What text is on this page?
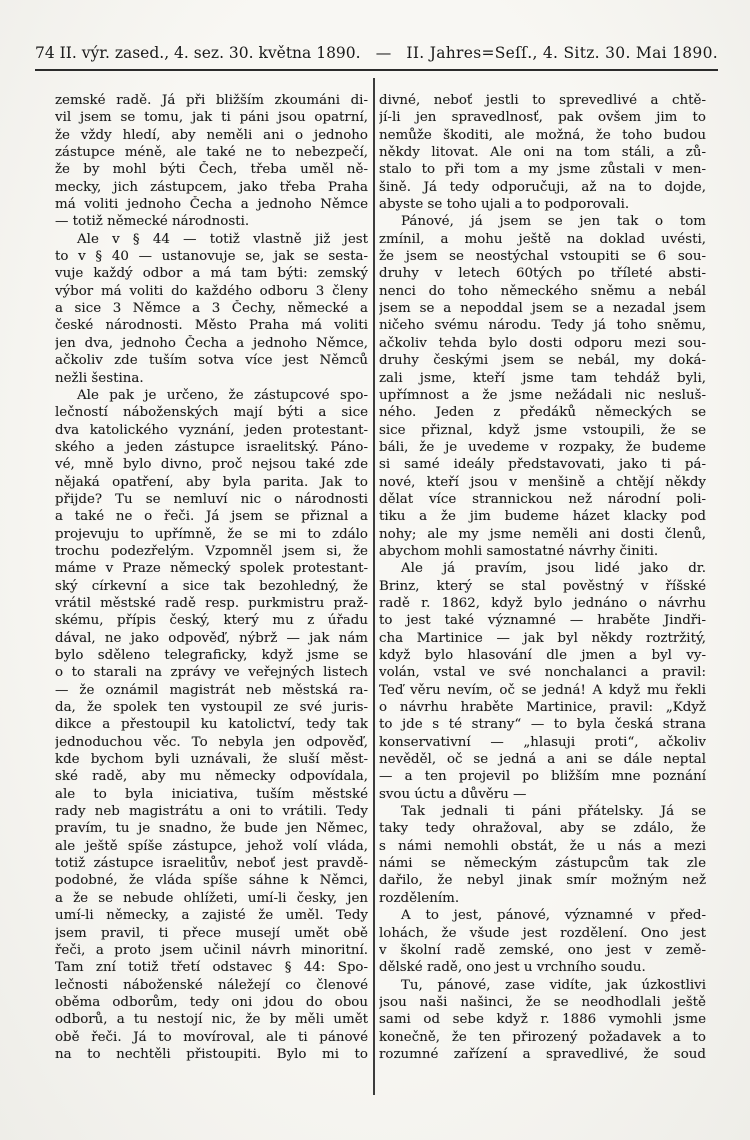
74 II. výr. zased., 4. sez. 30. května 1890. — II. Jahres=Seſſ., 4. Sitz. 30. Mai 1890.
zemské radě. Já při bližším zkoumáni di-
vil jsem se tomu, jak ti páni jsou opatrní,
že vždy hledí, aby neměli ani o jednoho
zástupce méně, ale také ne to nebezpečí,
že by mohl býti Čech, třeba uměl ně-
mecky, jich zástupcem, jako třeba Praha
má voliti jednoho Čecha a jednoho Němce
— totiž německé národnosti.
Ale v § 44 — totiž vlastně již jest
to v § 40 — ustanovuje se, jak se sesta-
vuje každý odbor a má tam býti: zemský
výbor má voliti do každého odboru 3 členy
a sice 3 Němce a 3 Čechy, německé a
české národnosti. Město Praha má voliti
jen dva, jednoho Čecha a jednoho Němce,
ačkoliv zde tuším sotva více jest Němců
nežli šestina.
Ale pak je určeno, že zástupcové spo-
lečností náboženských mají býti a sice
dva katolického vyznání, jeden protestant-
ského a jeden zástupce israelitský. Páno-
vé, mně bylo divno, proč nejsou také zde
nějaká opatření, aby byla parita. Jak to
přijde? Tu se nemluví nic o národnosti
a také ne o řeči. Já jsem se přiznal a
projevuju to upřímně, že se mi to zdálo
trochu podezřelým. Vzpomněl jsem si, že
máme v Praze německý spolek protestant-
ský církevní a sice tak bezohledný, že
vrátil městské radě resp. purkmistru praž-
skému, přípis český, který mu z úřadu
dával, ne jako odpověď, nýbrž — jak nám
bylo sděleno telegraficky, když jsme se
o to starali na zprávy ve veřejných listech
— že oznámil magistrát neb městská ra-
da, že spolek ten vystoupil ze své juris-
dikce a přestoupil ku katolictví, tedy tak
jednoduchou věc. To nebyla jen odpověď,
kde bychom byli uznávali, že sluší měst-
ské radě, aby mu německy odpovídala,
ale to byla iniciativa, tuším městské
rady neb magistrátu a oni to vrátili. Tedy
pravím, tu je snadno, že bude jen Němec,
ale ještě spíše zástupce, jehož volí vláda,
totiž zástupce israelitův, neboť jest pravdě-
podobné, že vláda spíše sáhne k Němci,
a že se nebude ohlížeti, umí-li česky, jen
umí-li německy, a zajisté že uměl. Tedy
jsem pravil, ti přece musejí umět obě
řeči, a proto jsem učinil návrh minoritní.
Tam zní totiž třetí odstavec § 44: Spo-
lečnosti náboženské náležejí co členové
oběma odborům, tedy oni jdou do obou
odborů, a tu nestojí nic, že by měli umět
obě řeči. Já to movíroval, ale ti pánové
na to nechtěli přistoupiti. Bylo mi to
divné, neboť jestli to sprevedlivé a chtě-
jí-li jen spravedlnosť, pak ovšem jim to
nemůže škoditi, ale možná, že toho budou
někdy litovat. Ale oni na tom stáli, a zů-
stalo to při tom a my jsme zůstali v men-
šině. Já tedy odporučuji, až na to dojde,
abyste se toho ujali a to podporovali.
Pánové, já jsem se jen tak o tom
zmínil, a mohu ještě na doklad uvésti,
že jsem se neostýchal vstoupiti se 6 sou-
druhy v letech 60tých po tříleté absti-
nenci do toho německého sněmu a nebál
jsem se a nepoddal jsem se a nezadal jsem
ničeho svému národu. Tedy já toho sněmu,
ačkoliv tehda bylo dosti odporu mezi sou-
druhy českými jsem se nebál, my doká-
zali jsme, kteří jsme tam tehdáž byli,
upřímnost a že jsme nežádali nic nesluš-
ného. Jeden z předáků německých se
sice přiznal, když jsme vstoupili, že se
báli, že je uvedeme v rozpaky, že budeme
si samé ideály představovati, jako ti pá-
nové, kteří jsou v menšině a chtějí někdy
dělat více strannickou než národní poli-
tiku a že jim budeme házet klacky pod
nohy; ale my jsme neměli ani dosti členů,
abychom mohli samostatné návrhy činiti.
Ale já pravím, jsou lidé jako dr.
Brinz, který se stal pověstný v říšské
radě r. 1862, když bylo jednáno o návrhu
to jest také významné — hraběte Jindři-
cha Martinice — jak byl někdy roztržitý,
když bylo hlasování dle jmen a byl vy-
volán, vstal ve své nonchalanci a pravil:
Teď věru nevím, oč se jedná! A když mu řekli
o návrhu hraběte Martinice, pravil: „Když
to jde s té strany“ — to byla česká strana
konservativní — „hlasuji proti“, ačkoliv
nevěděl, oč se jedná a ani se dále neptal
— a ten projevil po bližším mne poznání
svou úctu a důvěru —
Tak jednali ti páni přátelsky. Já se
taky tedy ohražoval, aby se zdálo, že
s námi nemohli obstát, že u nás a mezi
námi se německým zástupcům tak zle
dařilo, že nebyl jinak smír možným než
rozdělením.
A to jest, pánové, významné v před-
lohách, že všude jest rozdělení. Ono jest
v školní radě zemské, ono jest v země-
dělské radě, ono jest u vrchního soudu.
Tu, pánové, zase vidíte, jak úzkostlivi
jsou naši našinci, že se neodhodlali ještě
sami od sebe když r. 1886 vymohli jsme
konečně, že ten přirozený požadavek a to
rozumné zařízení a spravedlivé, že soud
